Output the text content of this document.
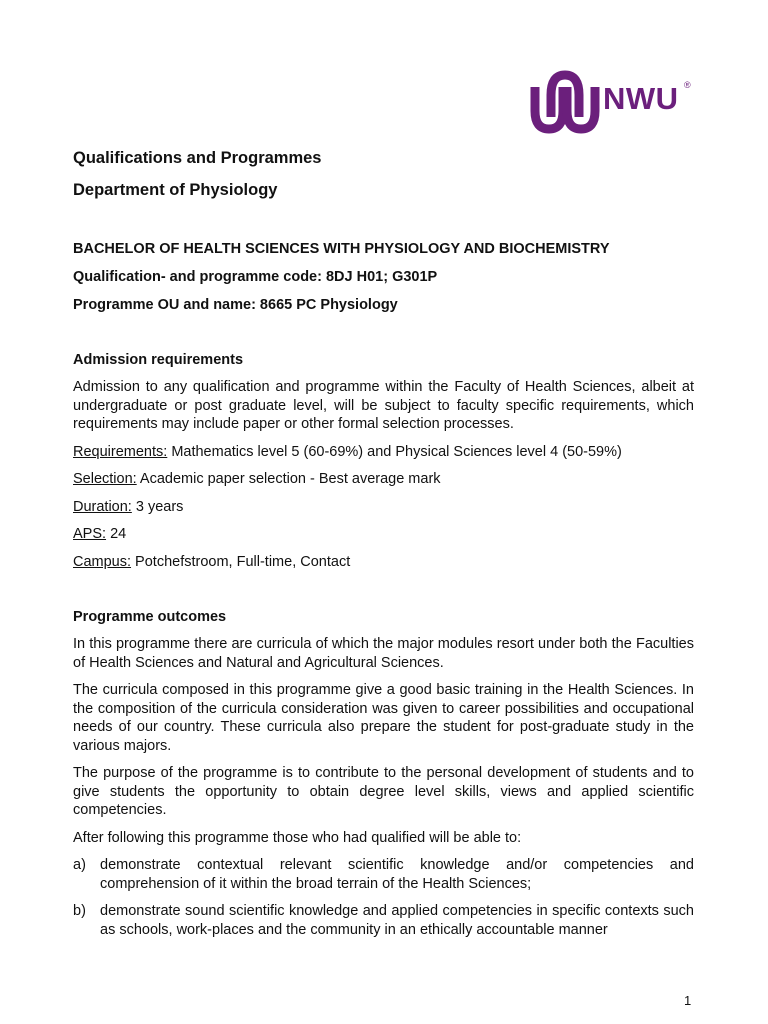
NWU ®
Qualifications and Programmes
Department of Physiology
BACHELOR OF HEALTH SCIENCES WITH PHYSIOLOGY AND BIOCHEMISTRY
Qualification- and programme code: 8DJ H01; G301P
Programme OU and name: 8665 PC Physiology
Admission requirements

Admission to any qualification and programme within the Faculty of Health Sciences, albeit at undergraduate or post graduate level, will be subject to faculty specific requirements, which requirements may include paper or other formal selection processes.

Requirements: Mathematics level 5 (60-69%) and Physical Sciences level 4 (50-59%)
Selection: Academic paper selection - Best average mark
Duration: 3 years
APS: 24
Campus: Potchefstroom, Full-time, Contact
Programme outcomes

In this programme there are curricula of which the major modules resort under both the Faculties of Health Sciences and Natural and Agricultural Sciences.

The curricula composed in this programme give a good basic training in the Health Sciences. In the composition of the curricula consideration was given to career possibilities and occupational needs of our country. These curricula also prepare the student for post-graduate study in the various majors.

The purpose of the programme is to contribute to the personal development of students and to give students the opportunity to obtain degree level skills, views and applied scientific competencies.

After following this programme those who had qualified will be able to:

a) demonstrate contextual relevant scientific knowledge and/or competencies and comprehension of it within the broad terrain of the Health Sciences;
b) demonstrate sound scientific knowledge and applied competencies in specific contexts such as schools, work-places and the community in an ethically accountable manner
1
